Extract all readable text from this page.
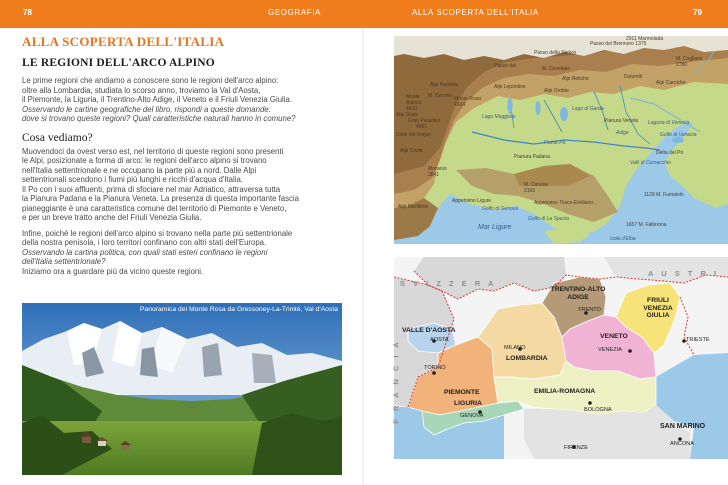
78	GEOGRAFIA	ALLA SCOPERTA DELL'ITALIA	79
ALLA SCOPERTA DELL'ITALIA
LE REGIONI DELL'ARCO ALPINO
Le prime regioni che andiamo a conoscere sono le regioni dell'arco alpino:
oltre alla Lombardia, studiata lo scorso anno, troviamo la Val d'Aosta,
il Piemonte, la Liguria, il Trentino-Alto Adige, il Veneto e il Friuli Venezia Giulia.
Osservando le cartine geografiche del libro, rispondi a queste domande:
dove si trovano queste regioni? Quali caratteristiche naturali hanno in comune?
Cosa vediamo?
Muovendoci da ovest verso est, nel territorio di queste regioni sono presenti
le Alpi, posizionate a forma di arco: le regioni dell'arco alpino si trovano
nell'Italia settentrionale e ne occupano la parte più a nord. Dalle Alpi
settentrionali scendono i fiumi più lunghi e ricchi d'acqua d'Italia.
Il Po con i suoi affluenti, prima di sfociare nel mar Adriatico, attraversa tutta
la Pianura Padana e la Pianura Veneta. La presenza di questa importante fascia
pianeggiante è una caratteristica comune del territorio di Piemonte e Veneto,
e per un breve tratto anche del Friuli Venezia Giulia.
Infine, poiché le regioni dell'arco alpino si trovano nella parte più settentrionale
della nostra penisola, i loro territori confinano con altri stati dell'Europa.
Osservando la cartina politica, con quali stati esteri confinano le regioni
dell'Italia settentrionale?
Iniziamo ora a guardare più da vicino queste regioni.
Panoramica del Monte Rosa da Gressoney-La-Trinité, Val d'Aosta
Passo del Brennero 1375
2911 Marmolada
Passo dello Stelvio
M. Cevedale
Passo del
M. Cervino Monte Rosa
4634
Monte
Bianco
4810
Gran Paradiso
4061
Colle del Frejus
Alpi Cozie
Monviso
3841
Appennino Ligure
Alpi Marittime
M. Cimone
2165
Appennino Tosco-Emiliano
Golfo di Genova
Mar Ligure
Golfo di La Spezia
Valli di Comacchio
1657 M. Falterona
M. Coglians
2780
Golfo di Venezia
Laguna di Venezia
Delta del Po
Fiume Po
Adige
Lago di Garda
Lago Maggiore
Alpi Lepontine
Dolomiti
Alpi Carniche
Isola d'Elba
Alpi Orobie
Pianura Padana
Pianura Veneta
Alpi Graie
Alpi Pennine
Alpi Retiche
1129 M. Fumaiolo
S V I Z Z E R A
A U S T R I
F R A N C I A
VALLE D'AOSTA
AOSTA
PIEMONTE
TORINO
LOMBARDIA
MILANO
TRENTINO-ALTO ADIGE
TRENTO
VENETO
VENEZIA
FRIULI VENEZIA GIULIA
TRIESTE
LIGURIA
GENOVA
EMILIA-ROMAGNA
BOLOGNA
FIRENZE
ANCONA
SAN MARINO
